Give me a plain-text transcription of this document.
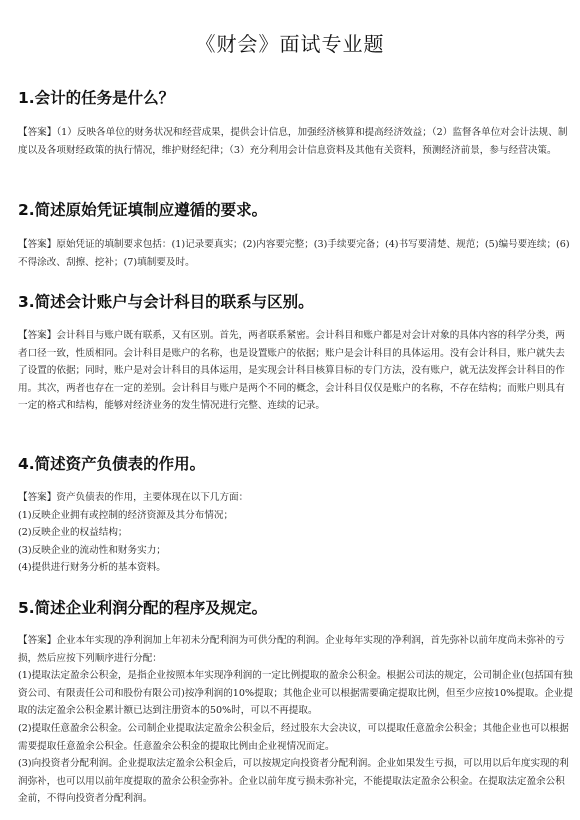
《财会》面试专业题
1.会计的任务是什么？

【答案】（1）反映各单位的财务状况和经营成果，提供会计信息，加强经济核算和提高经济效益；（2）监督各单位对会计法规、制度以及各项财经政策的执行情况，维护财经纪律；（3）充分利用会计信息资料及其他有关资料，预测经济前景，参与经营决策。

2.简述原始凭证填制应遵循的要求。

【答案】原始凭证的填制要求包括：(1)记录要真实；(2)内容要完整；(3)手续要完备；(4)书写要清楚、规范；(5)编号要连续；(6)不得涂改、刮擦、挖补；(7)填制要及时。

3.简述会计账户与会计科目的联系与区别。

【答案】会计科目与账户既有联系，又有区别。首先，两者联系紧密。会计科目和账户都是对会计对象的具体内容的科学分类，两者口径一致，性质相同。会计科目是账户的名称，也是设置账户的依据；账户是会计科目的具体运用。没有会计科目，账户就失去了设置的依据；同时，账户是对会计科目的具体运用，是实现会计科目核算目标的专门方法，没有账户，就无法发挥会计科目的作用。其次，两者也存在一定的差别。会计科目与账户是两个不同的概念，会计科目仅仅是账户的名称，不存在结构；而账户则具有一定的格式和结构，能够对经济业务的发生情况进行完整、连续的记录。

4.简述资产负债表的作用。

【答案】资产负债表的作用，主要体现在以下几方面：

(1)反映企业拥有或控制的经济资源及其分布情况；

(2)反映企业的权益结构；

(3)反映企业的流动性和财务实力；

(4)提供进行财务分析的基本资料。

5.简述企业利润分配的程序及规定。

【答案】企业本年实现的净利润加上年初未分配利润为可供分配的利润。企业每年实现的净利润，首先弥补以前年度尚未弥补的亏损，然后应按下列顺序进行分配：

(1)提取法定盈余公积金，是指企业按照本年实现净利润的一定比例提取的盈余公积金。根据公司法的规定，公司制企业(包括国有独资公司、有限责任公司和股份有限公司)按净利润的10%提取；其他企业可以根据需要确定提取比例，但至少应按10%提取。企业提取的法定盈余公积金累计额已达到注册资本的50%时，可以不再提取。

(2)提取任意盈余公积金。公司制企业提取法定盈余公积金后，经过股东大会决议，可以提取任意盈余公积金；其他企业也可以根据需要提取任意盈余公积金。任意盈余公积金的提取比例由企业视情况而定。

(3)向投资者分配利润。企业提取法定盈余公积金后，可以按规定向投资者分配利润。企业如果发生亏损，可以用以后年度实现的利润弥补，也可以用以前年度提取的盈余公积金弥补。企业以前年度亏损未弥补完，不能提取法定盈余公积金。在提取法定盈余公积金前，不得向投资者分配利润。
